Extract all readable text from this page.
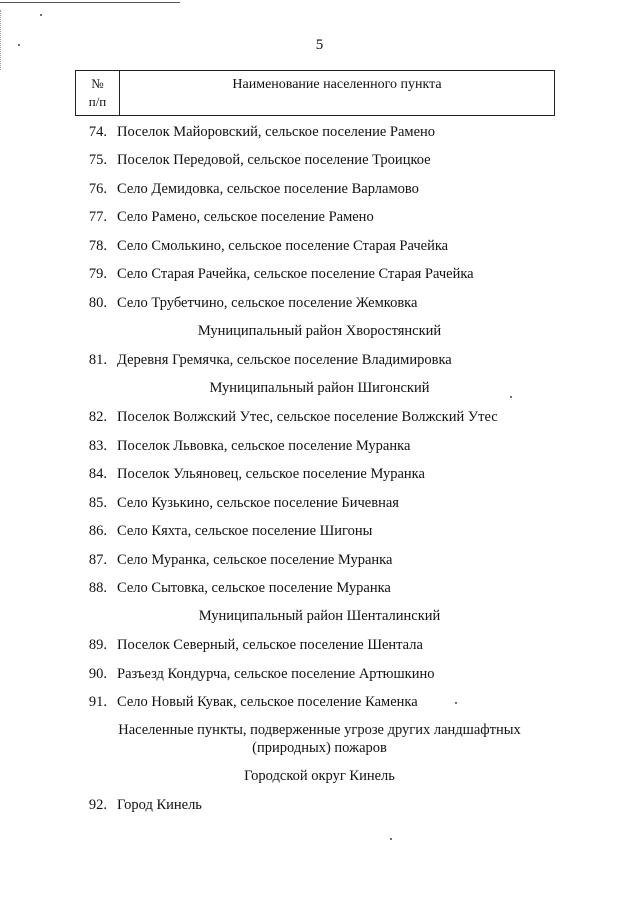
5
№
п/п
Наименование населенного пункта
74. Поселок Майоровский, сельское поселение Рамено
75. Поселок Передовой, сельское поселение Троицкое
76. Село Демидовка, сельское поселение Варламово
77. Село Рамено, сельское поселение Рамено
78. Село Смолькино, сельское поселение Старая Рачейка
79. Село Старая Рачейка, сельское поселение Старая Рачейка
80. Село Трубетчино, сельское поселение Жемковка
Муниципальный район Хворостянский
81. Деревня Гремячка, сельское поселение Владимировка
Муниципальный район Шигонский
82. Поселок Волжский Утес, сельское поселение Волжский Утес
83. Поселок Львовка, сельское поселение Муранка
84. Поселок Ульяновец, сельское поселение Муранка
85. Село Кузькино, сельское поселение Бичевная
86. Село Кяхта, сельское поселение Шигоны
87. Село Муранка, сельское поселение Муранка
88. Село Сытовка, сельское поселение Муранка
Муниципальный район Шенталинский
89. Поселок Северный, сельское поселение Шентала
90. Разъезд Кондурча, сельское поселение Артюшкино
91. Село Новый Кувак, сельское поселение Каменка
Населенные пункты, подверженные угрозе других ландшафтных
(природных) пожаров
Городской округ Кинель
92. Город Кинель
